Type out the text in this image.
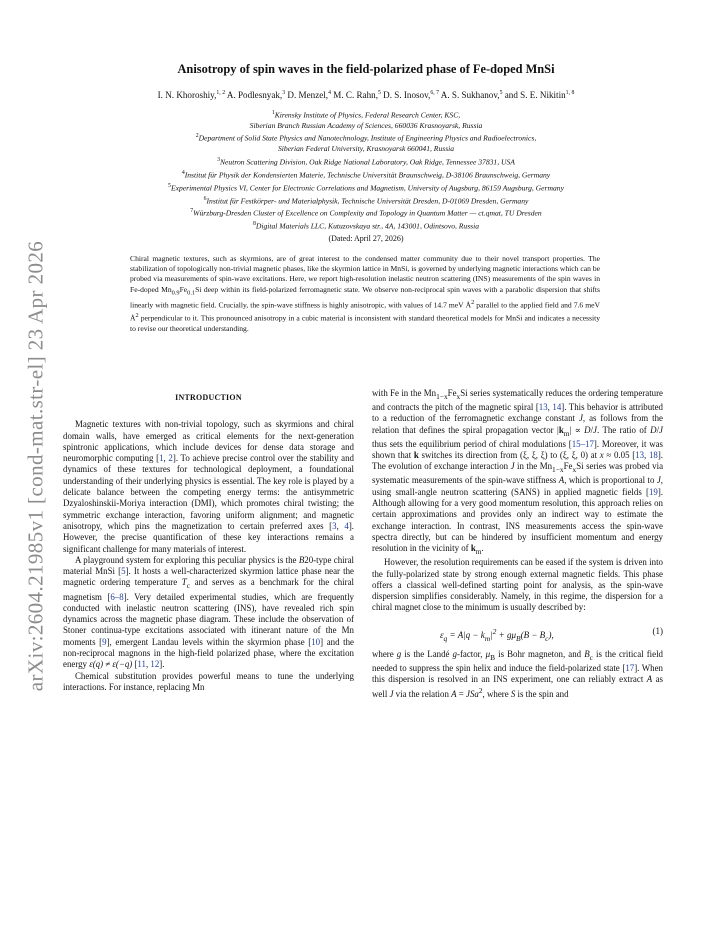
arXiv:2604.21985v1 [cond-mat.str-el] 23 Apr 2026
Anisotropy of spin waves in the field-polarized phase of Fe-doped MnSi
I. N. Khoroshiy,$^{1, 2}$ A. Podlesnyak,$^3$ D. Menzel,$^4$ M. C. Rahn,$^5$ D. S. Inosov,$^{6, 7}$ A. S. Sukhanov,$^5$ and S. E. Nikitin$^{1, 8}$
$^1$Kirensky Institute of Physics, Federal Research Center, KSC,
Siberian Branch Russian Academy of Sciences, 660036 Krasnoyarsk, Russia
$^2$Department of Solid State Physics and Nanotechnology, Institute of Engineering Physics and Radioelectronics,
Siberian Federal University, Krasnoyarsk 660041, Russia
$^3$Neutron Scattering Division, Oak Ridge National Laboratory, Oak Ridge, Tennessee 37831, USA
$^4$Institut für Physik der Kondensierten Materie, Technische Universität Braunschweig, D-38106 Braunschweig, Germany
$^5$Experimental Physics VI, Center for Electronic Correlations and Magnetism, University of Augsburg, 86159 Augsburg, Germany
$^6$Institut für Festkörper- und Materialphysik, Technische Universität Dresden, D-01069 Dresden, Germany
$^7$Würzburg-Dresden Cluster of Excellence on Complexity and Topology in Quantum Matter — ct.qmat, TU Dresden
$^8$Digital Materials LLC, Kutuzovskaya str., 4A, 143001, Odintsovo, Russia
(Dated: April 27, 2026)
Chiral magnetic textures, such as skyrmions, are of great interest to the condensed matter community due to their novel transport properties. The stabilization of topologically non-trivial magnetic phases, like the skyrmion lattice in MnSi, is governed by underlying magnetic interactions which can be probed via measurements of spin-wave excitations. Here, we report high-resolution inelastic neutron scattering (INS) measurements of the spin waves in Fe-doped $Mn_{0.9}Fe_{0.1}Si$ deep within its field-polarized ferromagnetic state. We observe non-reciprocal spin waves with a parabolic dispersion that shifts linearly with magnetic field. Crucially, the spin-wave stiffness is highly anisotropic, with values of 14.7 meV $Å^2$ parallel to the applied field and 7.6 meV $Å^2$ perpendicular to it. This pronounced anisotropy in a cubic material is inconsistent with standard theoretical models for MnSi and indicates a necessity to revise our theoretical understanding.
INTRODUCTION

Magnetic textures with non-trivial topology, such as skyrmions and chiral domain walls, have emerged as critical elements for the next-generation spintronic applications, which include devices for dense data storage and neuromorphic computing [1, 2]. To achieve precise control over the stability and dynamics of these textures for technological deployment, a foundational understanding of their underlying physics is essential. The key role is played by a delicate balance between the competing energy terms: the antisymmetric Dzyaloshinskii-Moriya interaction (DMI), which promotes chiral twisting; the symmetric exchange interaction, favoring uniform alignment; and magnetic anisotropy, which pins the magnetization to certain preferred axes [3, 4]. However, the precise quantification of these key interactions remains a significant challenge for many materials of interest.

A playground system for exploring this peculiar physics is the B20-type chiral material MnSi [5]. It hosts a well-characterized skyrmion lattice phase near the magnetic ordering temperature $T_c$ and serves as a benchmark for the chiral magnetism [6–8]. Very detailed experimental studies, which are frequently conducted with inelastic neutron scattering (INS), have revealed rich spin dynamics across the magnetic phase diagram. These include the observation of Stoner continua-type excitations associated with itinerant nature of the Mn moments [9], emergent Landau levels within the skyrmion phase [10] and the non-reciprocal magnons in the high-field polarized phase, where the excitation energy ε(q) ≠ ε(−q) [11, 12].

Chemical substitution provides powerful means to tune the underlying interactions. For instance, replacing Mn

with Fe in the $Mn_{1-x}Fe_xSi$ series systematically reduces the ordering temperature and contracts the pitch of the magnetic spiral [13, 14]. This behavior is attributed to a reduction of the ferromagnetic exchange constant J, as follows from the relation that defines the spiral propagation vector $|k_m| \propto D/J$. The ratio of D/J thus sets the equilibrium period of chiral modulations [15–17]. Moreover, it was shown that k switches its direction from (ξ, ξ, ξ) to (ξ, ξ, 0) at x ≈ 0.05 [13, 18]. The evolution of exchange interaction J in the $Mn_{1-x}Fe_xSi$ series was probed via systematic measurements of the spin-wave stiffness A, which is proportional to J, using small-angle neutron scattering (SANS) in applied magnetic fields [19]. Although allowing for a very good momentum resolution, this approach relies on certain approximations and provides only an indirect way to estimate the exchange interaction. In contrast, INS measurements access the spin-wave spectra directly, but can be hindered by insufficient momentum and energy resolution in the vicinity of $k_m$.

However, the resolution requirements can be eased if the system is driven into the fully-polarized state by strong enough external magnetic fields. This phase offers a classical well-defined starting point for analysis, as the spin-wave dispersion simplifies considerably. Namely, in this regime, the dispersion for a chiral magnet close to the minimum is usually described by:

$\varepsilon_q = A|q - k_m|^2 + g\mu_B(B - B_c)$,	(1)

where g is the Landé g-factor, $\mu_B$ is Bohr magneton, and $B_c$ is the critical field needed to suppress the spin helix and induce the field-polarized state [17]. When this dispersion is resolved in an INS experiment, one can reliably extract A as well J via the relation A = JSa$^2$, where S is the spin and
